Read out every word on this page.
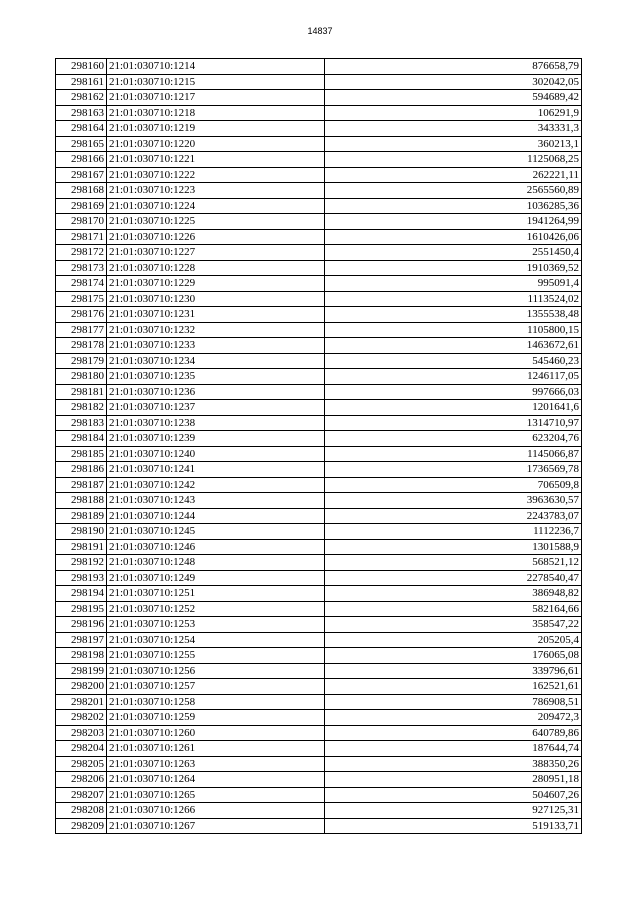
14837
298160	21:01:030710:1214	876658,79
298161	21:01:030710:1215	302042,05
298162	21:01:030710:1217	594689,42
298163	21:01:030710:1218	106291,9
298164	21:01:030710:1219	343331,3
298165	21:01:030710:1220	360213,1
298166	21:01:030710:1221	1125068,25
298167	21:01:030710:1222	262221,11
298168	21:01:030710:1223	2565560,89
298169	21:01:030710:1224	1036285,36
298170	21:01:030710:1225	1941264,99
298171	21:01:030710:1226	1610426,06
298172	21:01:030710:1227	2551450,4
298173	21:01:030710:1228	1910369,52
298174	21:01:030710:1229	995091,4
298175	21:01:030710:1230	1113524,02
298176	21:01:030710:1231	1355538,48
298177	21:01:030710:1232	1105800,15
298178	21:01:030710:1233	1463672,61
298179	21:01:030710:1234	545460,23
298180	21:01:030710:1235	1246117,05
298181	21:01:030710:1236	997666,03
298182	21:01:030710:1237	1201641,6
298183	21:01:030710:1238	1314710,97
298184	21:01:030710:1239	623204,76
298185	21:01:030710:1240	1145066,87
298186	21:01:030710:1241	1736569,78
298187	21:01:030710:1242	706509,8
298188	21:01:030710:1243	3963630,57
298189	21:01:030710:1244	2243783,07
298190	21:01:030710:1245	1112236,7
298191	21:01:030710:1246	1301588,9
298192	21:01:030710:1248	568521,12
298193	21:01:030710:1249	2278540,47
298194	21:01:030710:1251	386948,82
298195	21:01:030710:1252	582164,66
298196	21:01:030710:1253	358547,22
298197	21:01:030710:1254	205205,4
298198	21:01:030710:1255	176065,08
298199	21:01:030710:1256	339796,61
298200	21:01:030710:1257	162521,61
298201	21:01:030710:1258	786908,51
298202	21:01:030710:1259	209472,3
298203	21:01:030710:1260	640789,86
298204	21:01:030710:1261	187644,74
298205	21:01:030710:1263	388350,26
298206	21:01:030710:1264	280951,18
298207	21:01:030710:1265	504607,26
298208	21:01:030710:1266	927125,31
298209	21:01:030710:1267	519133,71
